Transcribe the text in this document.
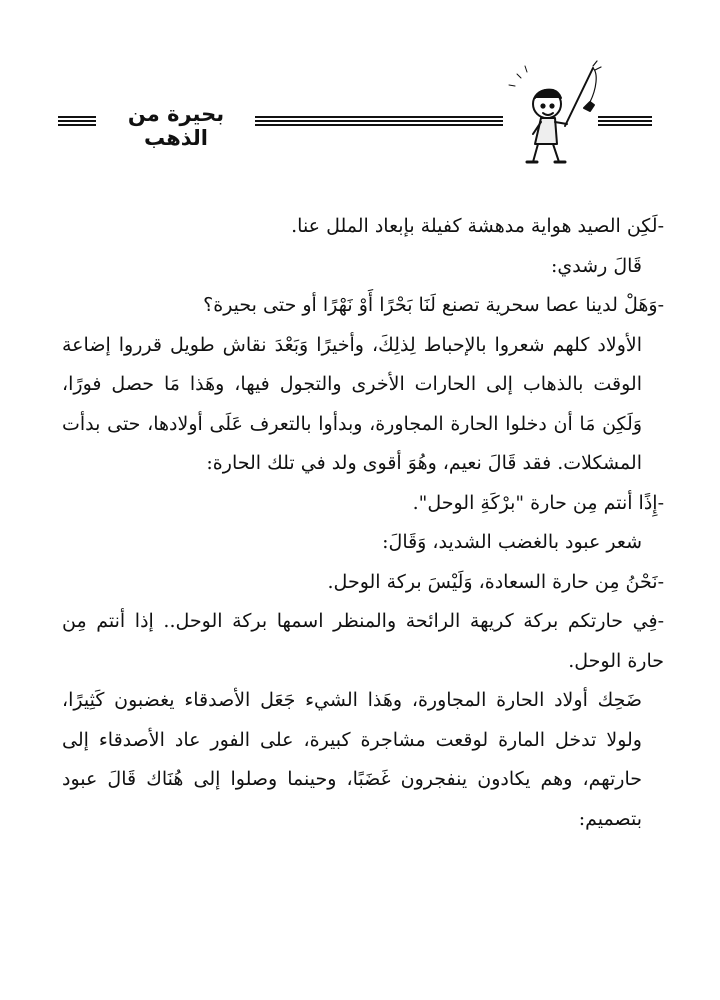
بحيرة من الذهب

-لَكِن الصيد هواية مدهشة كفيلة بإبعاد الملل عنا.

قَالَ رشدي:

-وَهَلْ لدينا عصا سحرية تصنع لَنَا بَحْرًا أَوْ نَهْرًا أو حتى بحيرة؟

الأولاد كلهم شعروا بالإحباط لِذلِكَ، وأخيرًا وَبَعْدَ نقاش طويل قرروا إضاعة الوقت بالذهاب إلى الحارات الأخرى والتجول فيها، وهَذا مَا حصل فورًا، وَلَكِن مَا أن دخلوا الحارة المجاورة، وبدأوا بالتعرف عَلَى أولادها، حتى بدأت المشكلات. فقد قَالَ نعيم، وهُوَ أقوى ولد في تلك الحارة:

-إِذًا أنتم مِن حارة "برْكَةِ الوحل".

شعر عبود بالغضب الشديد، وَقَالَ:

-نَحْنُ مِن حارة السعادة، وَلَيْسَ بركة الوحل.

-فِي حارتكم بركة كريهة الرائحة والمنظر اسمها بركة الوحل.. إذا أنتم مِن حارة الوحل.

ضَحِك أولاد الحارة المجاورة، وهَذا الشيء جَعَل الأصدقاء يغضبون كَثِيرًا، ولولا تدخل المارة لوقعت مشاجرة كبيرة، على الفور عاد الأصدقاء إلى حارتهم، وهم يكادون ينفجرون غَضَبًا، وحينما وصلوا إلى هُنَاك قَالَ عبود بتصميم:
